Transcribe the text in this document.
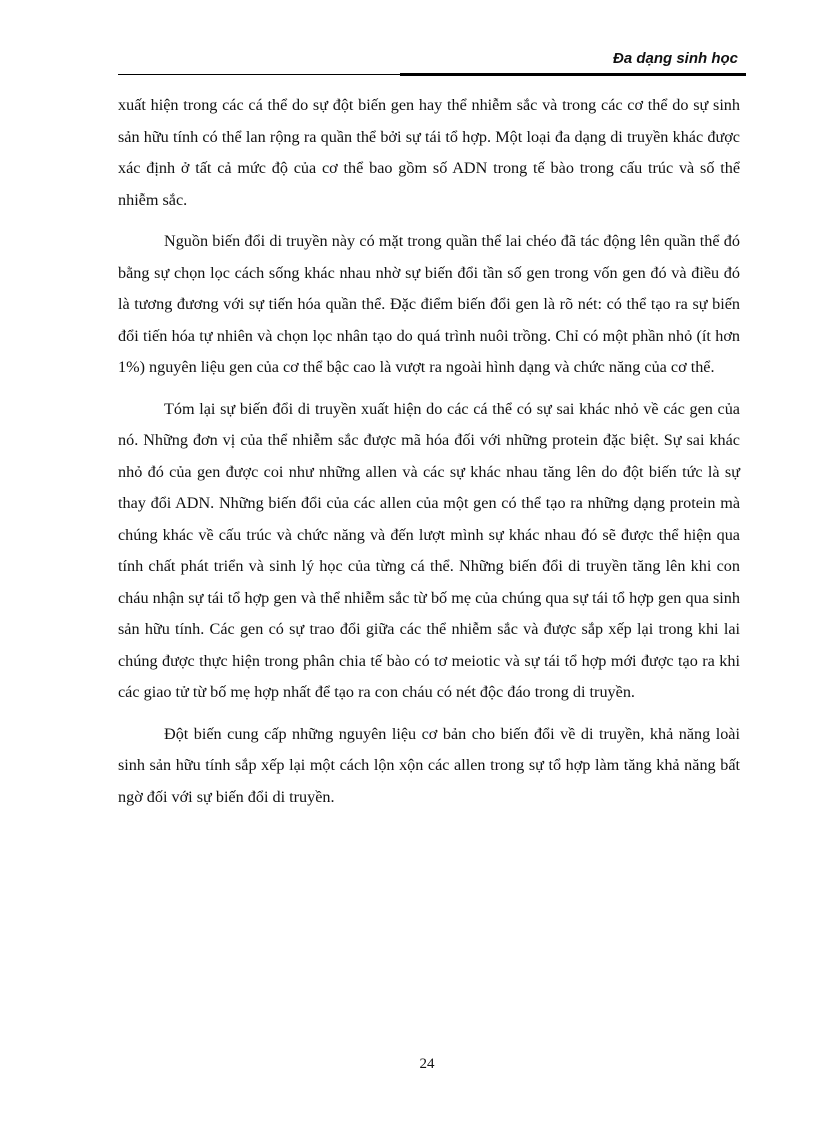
Đa dạng sinh học

xuất hiện trong các cá thể do sự đột biến gen hay thể nhiễm sắc và trong các cơ thể do sự sinh sản hữu tính có thể lan rộng ra quần thể bởi sự tái tổ hợp. Một loại đa dạng di truyền khác được xác định ở tất cả mức độ của cơ thể bao gồm số ADN trong tế bào trong cấu trúc và số thể nhiễm sắc.

Nguồn biến đổi di truyền này có mặt trong quần thể lai chéo đã tác động lên quần thể đó bằng sự chọn lọc cách sống khác nhau nhờ sự biến đổi tần số gen trong vốn gen đó và điều đó là tương đương với sự tiến hóa quần thể. Đặc điểm biến đổi gen là rõ nét: có thể tạo ra sự biến đổi tiến hóa tự nhiên và chọn lọc nhân tạo do quá trình nuôi trồng. Chỉ có một phần nhỏ (ít hơn 1%) nguyên liệu gen của cơ thể bậc cao là vượt ra ngoài hình dạng và chức năng của cơ thể.

Tóm lại sự biến đổi di truyền xuất hiện do các cá thể có sự sai khác nhỏ về các gen của nó. Những đơn vị của thể nhiễm sắc được mã hóa đối với những protein đặc biệt. Sự sai khác nhỏ đó của gen được coi như những allen và các sự khác nhau tăng lên do đột biến tức là sự thay đổi ADN. Những biến đổi của các allen của một gen có thể tạo ra những dạng protein mà chúng khác về cấu trúc và chức năng và đến lượt mình sự khác nhau đó sẽ được thể hiện qua tính chất phát triển và sinh lý học của từng cá thể. Những biến đổi di truyền tăng lên khi con cháu nhận sự tái tổ hợp gen và thể nhiễm sắc từ bố mẹ của chúng qua sự tái tổ hợp gen qua sinh sản hữu tính. Các gen có sự trao đổi giữa các thể nhiễm sắc và được sắp xếp lại trong khi lai chúng được thực hiện trong phân chia tế bào có tơ meiotic và sự tái tổ hợp mới được tạo ra khi các giao tử từ bố mẹ hợp nhất để tạo ra con cháu có nét độc đáo trong di truyền.

Đột biến cung cấp những nguyên liệu cơ bản cho biến đổi về di truyền, khả năng loài sinh sản hữu tính sắp xếp lại một cách lộn xộn các allen trong sự tổ hợp làm tăng khả năng bất ngờ đối với sự biến đổi di truyền.

24
